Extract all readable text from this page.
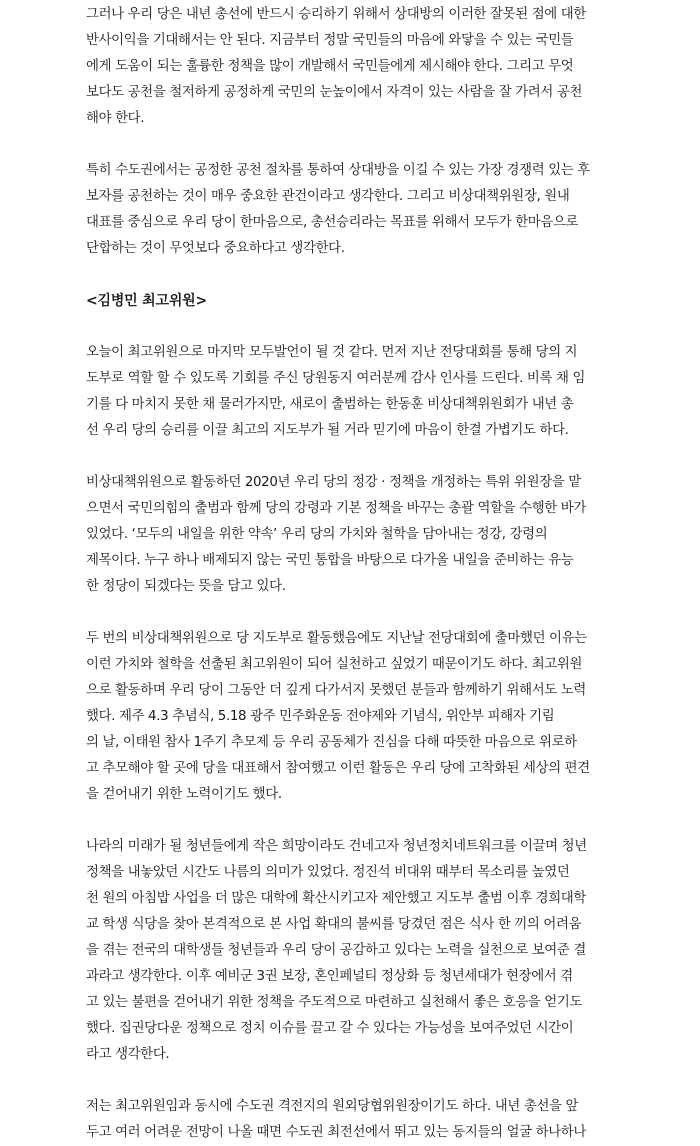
그러나 우리 당은 내년 총선에 반드시 승리하기 위해서 상대방의 이러한 잘못된 점에 대한
반사이익을 기대해서는 안 된다. 지금부터 정말 국민들의 마음에 와닿을 수 있는 국민들
에게 도움이 되는 훌륭한 정책을 많이 개발해서 국민들에게 제시해야 한다. 그리고 무엇
보다도 공천을 철저하게 공정하게 국민의 눈높이에서 자격이 있는 사람을 잘 가려서 공천
해야 한다.

특히 수도권에서는 공정한 공천 절차를 통하여 상대방을 이길 수 있는 가장 경쟁력 있는 후
보자를 공천하는 것이 매우 중요한 관건이라고 생각한다. 그리고 비상대책위원장, 원내
대표를 중심으로 우리 당이 한마음으로, 총선승리라는 목표를 위해서 모두가 한마음으로
단합하는 것이 무엇보다 중요하다고 생각한다.

<김병민 최고위원>

오늘이 최고위원으로 마지막 모두발언이 될 것 같다. 먼저 지난 전당대회를 통해 당의 지
도부로 역할 할 수 있도록 기회를 주신 당원동지 여러분께 감사 인사를 드린다. 비록 채 임
기를 다 마치지 못한 채 물러가지만, 새로이 출범하는 한동훈 비상대책위원회가 내년 총
선 우리 당의 승리를 이끌 최고의 지도부가 될 거라 믿기에 마음이 한결 가볍기도 하다.

비상대책위원으로 활동하던 2020년 우리 당의 정강 · 정책을 개정하는 특위 위원장을 맡
으면서 국민의힘의 출범과 함께 당의 강령과 기본 정책을 바꾸는 총괄 역할을 수행한 바가
있었다. ‘모두의 내일을 위한 약속’ 우리 당의 가치와 철학을 담아내는 정강, 강령의
제목이다. 누구 하나 배제되지 않는 국민 통합을 바탕으로 다가올 내일을 준비하는 유능
한 정당이 되겠다는 뜻을 담고 있다.

두 번의 비상대책위원으로 당 지도부로 활동했음에도 지난날 전당대회에 출마했던 이유는
이런 가치와 철학을 선출된 최고위원이 되어 실천하고 싶었기 때문이기도 하다. 최고위원
으로 활동하며 우리 당이 그동안 더 깊게 다가서지 못했던 분들과 함께하기 위해서도 노력
했다. 제주 4.3 추념식, 5.18 광주 민주화운동 전야제와 기념식, 위안부 피해자 기림
의 날, 이태원 참사 1주기 추모제 등 우리 공동체가 진심을 다해 따뜻한 마음으로 위로하
고 추모해야 할 곳에 당을 대표해서 참여했고 이런 활동은 우리 당에 고착화된 세상의 편견
을 걷어내기 위한 노력이기도 했다.

나라의 미래가 될 청년들에게 작은 희망이라도 건네고자 청년정치네트워크를 이끌며 청년
정책을 내놓았던 시간도 나름의 의미가 있었다. 정진석 비대위 때부터 목소리를 높였던
천 원의 아침밥 사업을 더 많은 대학에 확산시키고자 제안했고 지도부 출범 이후 경희대학
교 학생 식당을 찾아 본격적으로 본 사업 확대의 불씨를 당겼던 점은 식사 한 끼의 어려움
을 겪는 전국의 대학생들 청년들과 우리 당이 공감하고 있다는 노력을 실천으로 보여준 결
과라고 생각한다. 이후 예비군 3권 보장, 혼인페널티 정상화 등 청년세대가 현장에서 겪
고 있는 불편을 걷어내기 위한 정책을 주도적으로 마련하고 실천해서 좋은 호응을 얻기도
했다. 집권당다운 정책으로 정치 이슈를 끌고 갈 수 있다는 가능성을 보여주었던 시간이
라고 생각한다.

저는 최고위원임과 동시에 수도권 격전지의 원외당협위원장이기도 하다. 내년 총선을 앞
두고 여러 어려운 전망이 나올 때면 수도권 최전선에서 뛰고 있는 동지들의 얼굴 하나하나
